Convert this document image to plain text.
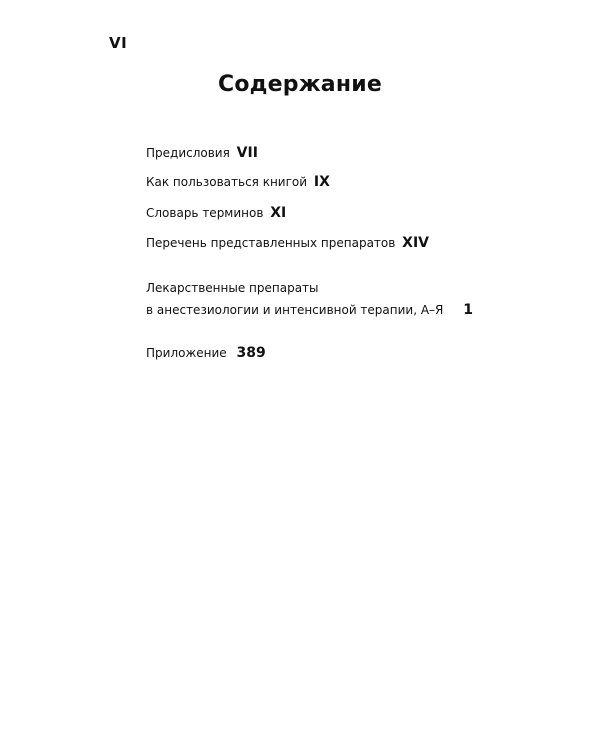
VI
Содержание
Предисловия VII
Как пользоваться книгой IX
Словарь терминов XI
Перечень представленных препаратов XIV
Лекарственные препараты
в анестезиологии и интенсивной терапии, А–Я 1
Приложение 389
